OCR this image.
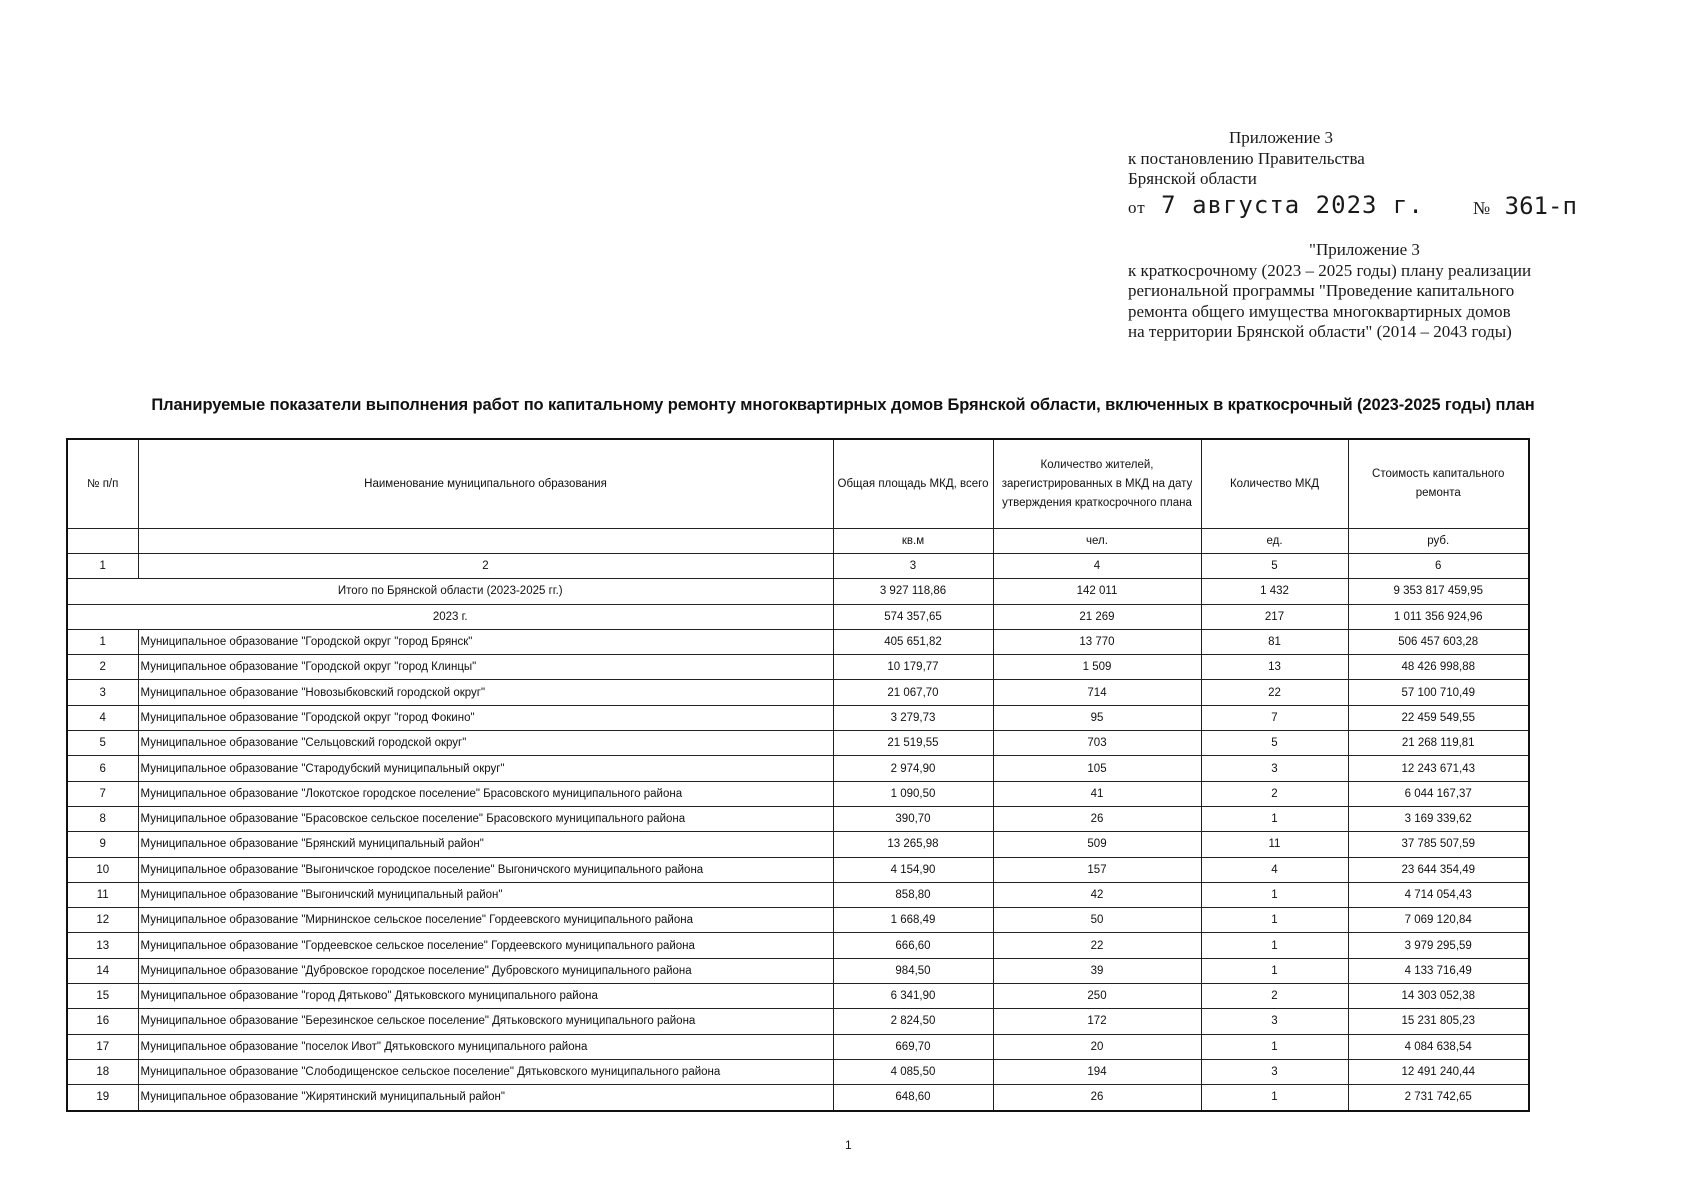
Приложение 3
к постановлению Правительства
Брянской области
от 7 августа 2023 г.	№ 361-п
"Приложение 3
к краткосрочному (2023 – 2025 годы) плану реализации
региональной программы "Проведение капитального
ремонта общего имущества многоквартирных домов
на территории Брянской области" (2014 – 2043 годы)
Планируемые показатели выполнения работ по капитальному ремонту многоквартирных домов Брянской области, включенных в краткосрочный (2023-2025 годы) план
№ п/п	Наименование муниципального образования	Общая площадь МКД, всего	Количество жителей, зарегистрированных в МКД на дату утверждения краткосрочного плана	Количество МКД	Стоимость капитального ремонта
		кв.м	чел.	ед.	руб.
1	2	3	4	5	6
Итого по Брянской области (2023-2025 гг.)		3 927 118,86	142 011	1 432	9 353 817 459,95
2023 г.		574 357,65	21 269	217	1 011 356 924,96
1	Муниципальное образование "Городской округ "город Брянск"	405 651,82	13 770	81	506 457 603,28
2	Муниципальное образование "Городской округ "город Клинцы"	10 179,77	1 509	13	48 426 998,88
3	Муниципальное образование "Новозыбковский городской округ"	21 067,70	714	22	57 100 710,49
4	Муниципальное образование "Городской округ "город Фокино"	3 279,73	95	7	22 459 549,55
5	Муниципальное образование "Сельцовский городской округ"	21 519,55	703	5	21 268 119,81
6	Муниципальное образование "Стародубский муниципальный округ"	2 974,90	105	3	12 243 671,43
7	Муниципальное образование "Локотское городское поселение" Брасовского муниципального района	1 090,50	41	2	6 044 167,37
8	Муниципальное образование "Брасовское сельское поселение" Брасовского муниципального района	390,70	26	1	3 169 339,62
9	Муниципальное образование "Брянский муниципальный район"	13 265,98	509	11	37 785 507,59
10	Муниципальное образование "Выгоничское городское поселение" Выгоничского муниципального района	4 154,90	157	4	23 644 354,49
11	Муниципальное образование "Выгоничский муниципальный район"	858,80	42	1	4 714 054,43
12	Муниципальное образование "Мирнинское сельское поселение" Гордеевского муниципального района	1 668,49	50	1	7 069 120,84
13	Муниципальное образование "Гордеевское сельское поселение" Гордеевского муниципального района	666,60	22	1	3 979 295,59
14	Муниципальное образование "Дубровское городское поселение" Дубровского муниципального района	984,50	39	1	4 133 716,49
15	Муниципальное образование "город Дятьково" Дятьковского муниципального района	6 341,90	250	2	14 303 052,38
16	Муниципальное образование "Березинское сельское поселение" Дятьковского муниципального района	2 824,50	172	3	15 231 805,23
17	Муниципальное образование "поселок Ивот" Дятьковского муниципального района	669,70	20	1	4 084 638,54
18	Муниципальное образование "Слободищенское сельское поселение" Дятьковского муниципального района	4 085,50	194	3	12 491 240,44
19	Муниципальное образование "Жирятинский муниципальный район"	648,60	26	1	2 731 742,65
1
